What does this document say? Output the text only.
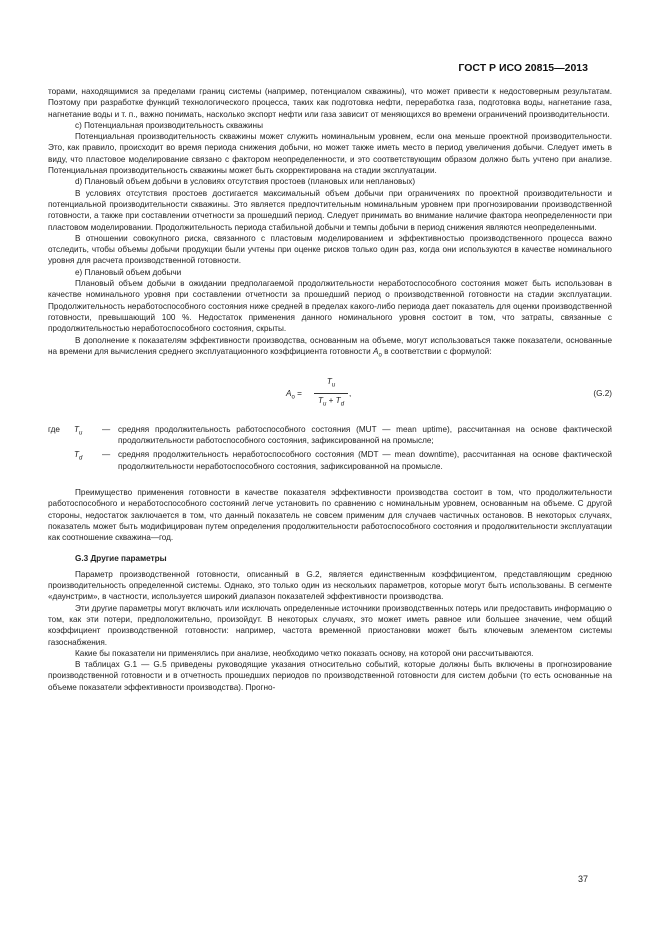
ГОСТ Р ИСО 20815—2013

торами, находящимися за пределами границ системы (например, потенциалом скважины), что может привести к недостоверным результатам. Поэтому при разработке функций технологического процесса, таких как подготовка нефти, переработка газа, подготовка воды, нагнетание газа, нагнетание воды и т. п., важно понимать, насколько экспорт нефти или газа зависит от меняющихся во времени ограничений производительности.

c) Потенциальная производительность скважины

Потенциальная производительность скважины может служить номинальным уровнем, если она меньше проектной производительности. Это, как правило, происходит во время периода снижения добычи, но может также иметь место в период увеличения добычи. Следует иметь в виду, что пластовое моделирование связано с фактором неопределенности, и это соответствующим образом должно быть учтено при анализе. Потенциальная производительность скважины может быть скорректирована на стадии эксплуатации.

d) Плановый объем добычи в условиях отсутствия простоев (плановых или неплановых)

В условиях отсутствия простоев достигается максимальный объем добычи при ограничениях по проектной производительности и потенциальной производительности скважины. Это является предпочтительным номинальным уровнем при прогнозировании производственной готовности, а также при составлении отчетности за прошедший период. Следует принимать во внимание наличие фактора неопределенности при пластовом моделировании. Продолжительность периода стабильной добычи и темпы добычи в период снижения являются неопределенными.

В отношении совокупного риска, связанного с пластовым моделированием и эффективностью производственного процесса важно отследить, чтобы объемы добычи продукции были учтены при оценке рисков только один раз, когда они используются в качестве номинального уровня для расчета производственной готовности.

e) Плановый объем добычи

Плановый объем добычи в ожидании предполагаемой продолжительности неработоспособного состояния может быть использован в качестве номинального уровня при составлении отчетности за прошедший период о производственной готовности на стадии эксплуатации. Продолжительность неработоспособного состояния ниже средней в пределах какого-либо периода дает показатель для оценки производственной готовности, превышающий 100 %. Недостаток применения данного номинального уровня состоит в том, что затраты, связанные с продолжительностью неработоспособного состояния, скрыты.

В дополнение к показателям эффективности производства, основанным на объеме, могут использоваться также показатели, основанные на времени для вычисления среднего эксплуатационного коэффициента готовности $A_o$ в соответствии с формулой:

$A_o = \frac{T_u}{T_u + T_d}$ ,	(G.2)
где	$T_u$	— средняя продолжительность работоспособного состояния (MUT — mean uptime), рассчитанная на основе фактической продолжительности работоспособного состояния, зафиксированной на промысле;
$T_d$	— средняя продолжительность неработоспособного состояния (MDT — mean downtime), рассчитанная на основе фактической продолжительности неработоспособного состояния, зафиксированной на промысле.

Преимущество применения готовности в качестве показателя эффективности производства состоит в том, что продолжительности работоспособного и неработоспособного состояний легче установить по сравнению с номинальным уровнем, основанным на объеме. С другой стороны, недостаток заключается в том, что данный показатель не совсем применим для случаев частичных остановов. В некоторых случаях, показатель может быть модифицирован путем определения продолжительности работоспособного состояния и продолжительности эксплуатации как соотношение скважина—год.

G.3 Другие параметры

Параметр производственной готовности, описанный в G.2, является единственным коэффициентом, представляющим среднюю производительность определенной системы. Однако, это только один из нескольких параметров, которые могут быть использованы. В сегменте «даунстрим», в частности, используется широкий диапазон показателей эффективности производства.

Эти другие параметры могут включать или исключать определенные источники производственных потерь или предоставить информацию о том, как эти потери, предположительно, произойдут. В некоторых случаях, это может иметь равное или большее значение, чем общий коэффициент производственной готовности: например, частота временной приостановки может быть ключевым элементом системы газоснабжения.

Какие бы показатели ни применялись при анализе, необходимо четко показать основу, на которой они рассчитываются.

В таблицах G.1 — G.5 приведены руководящие указания относительно событий, которые должны быть включены в прогнозирование производственной готовности и в отчетность прошедших периодов по производственной готовности для систем добычи (то есть основанные на объеме показатели эффективности производства). Прогно-

37
